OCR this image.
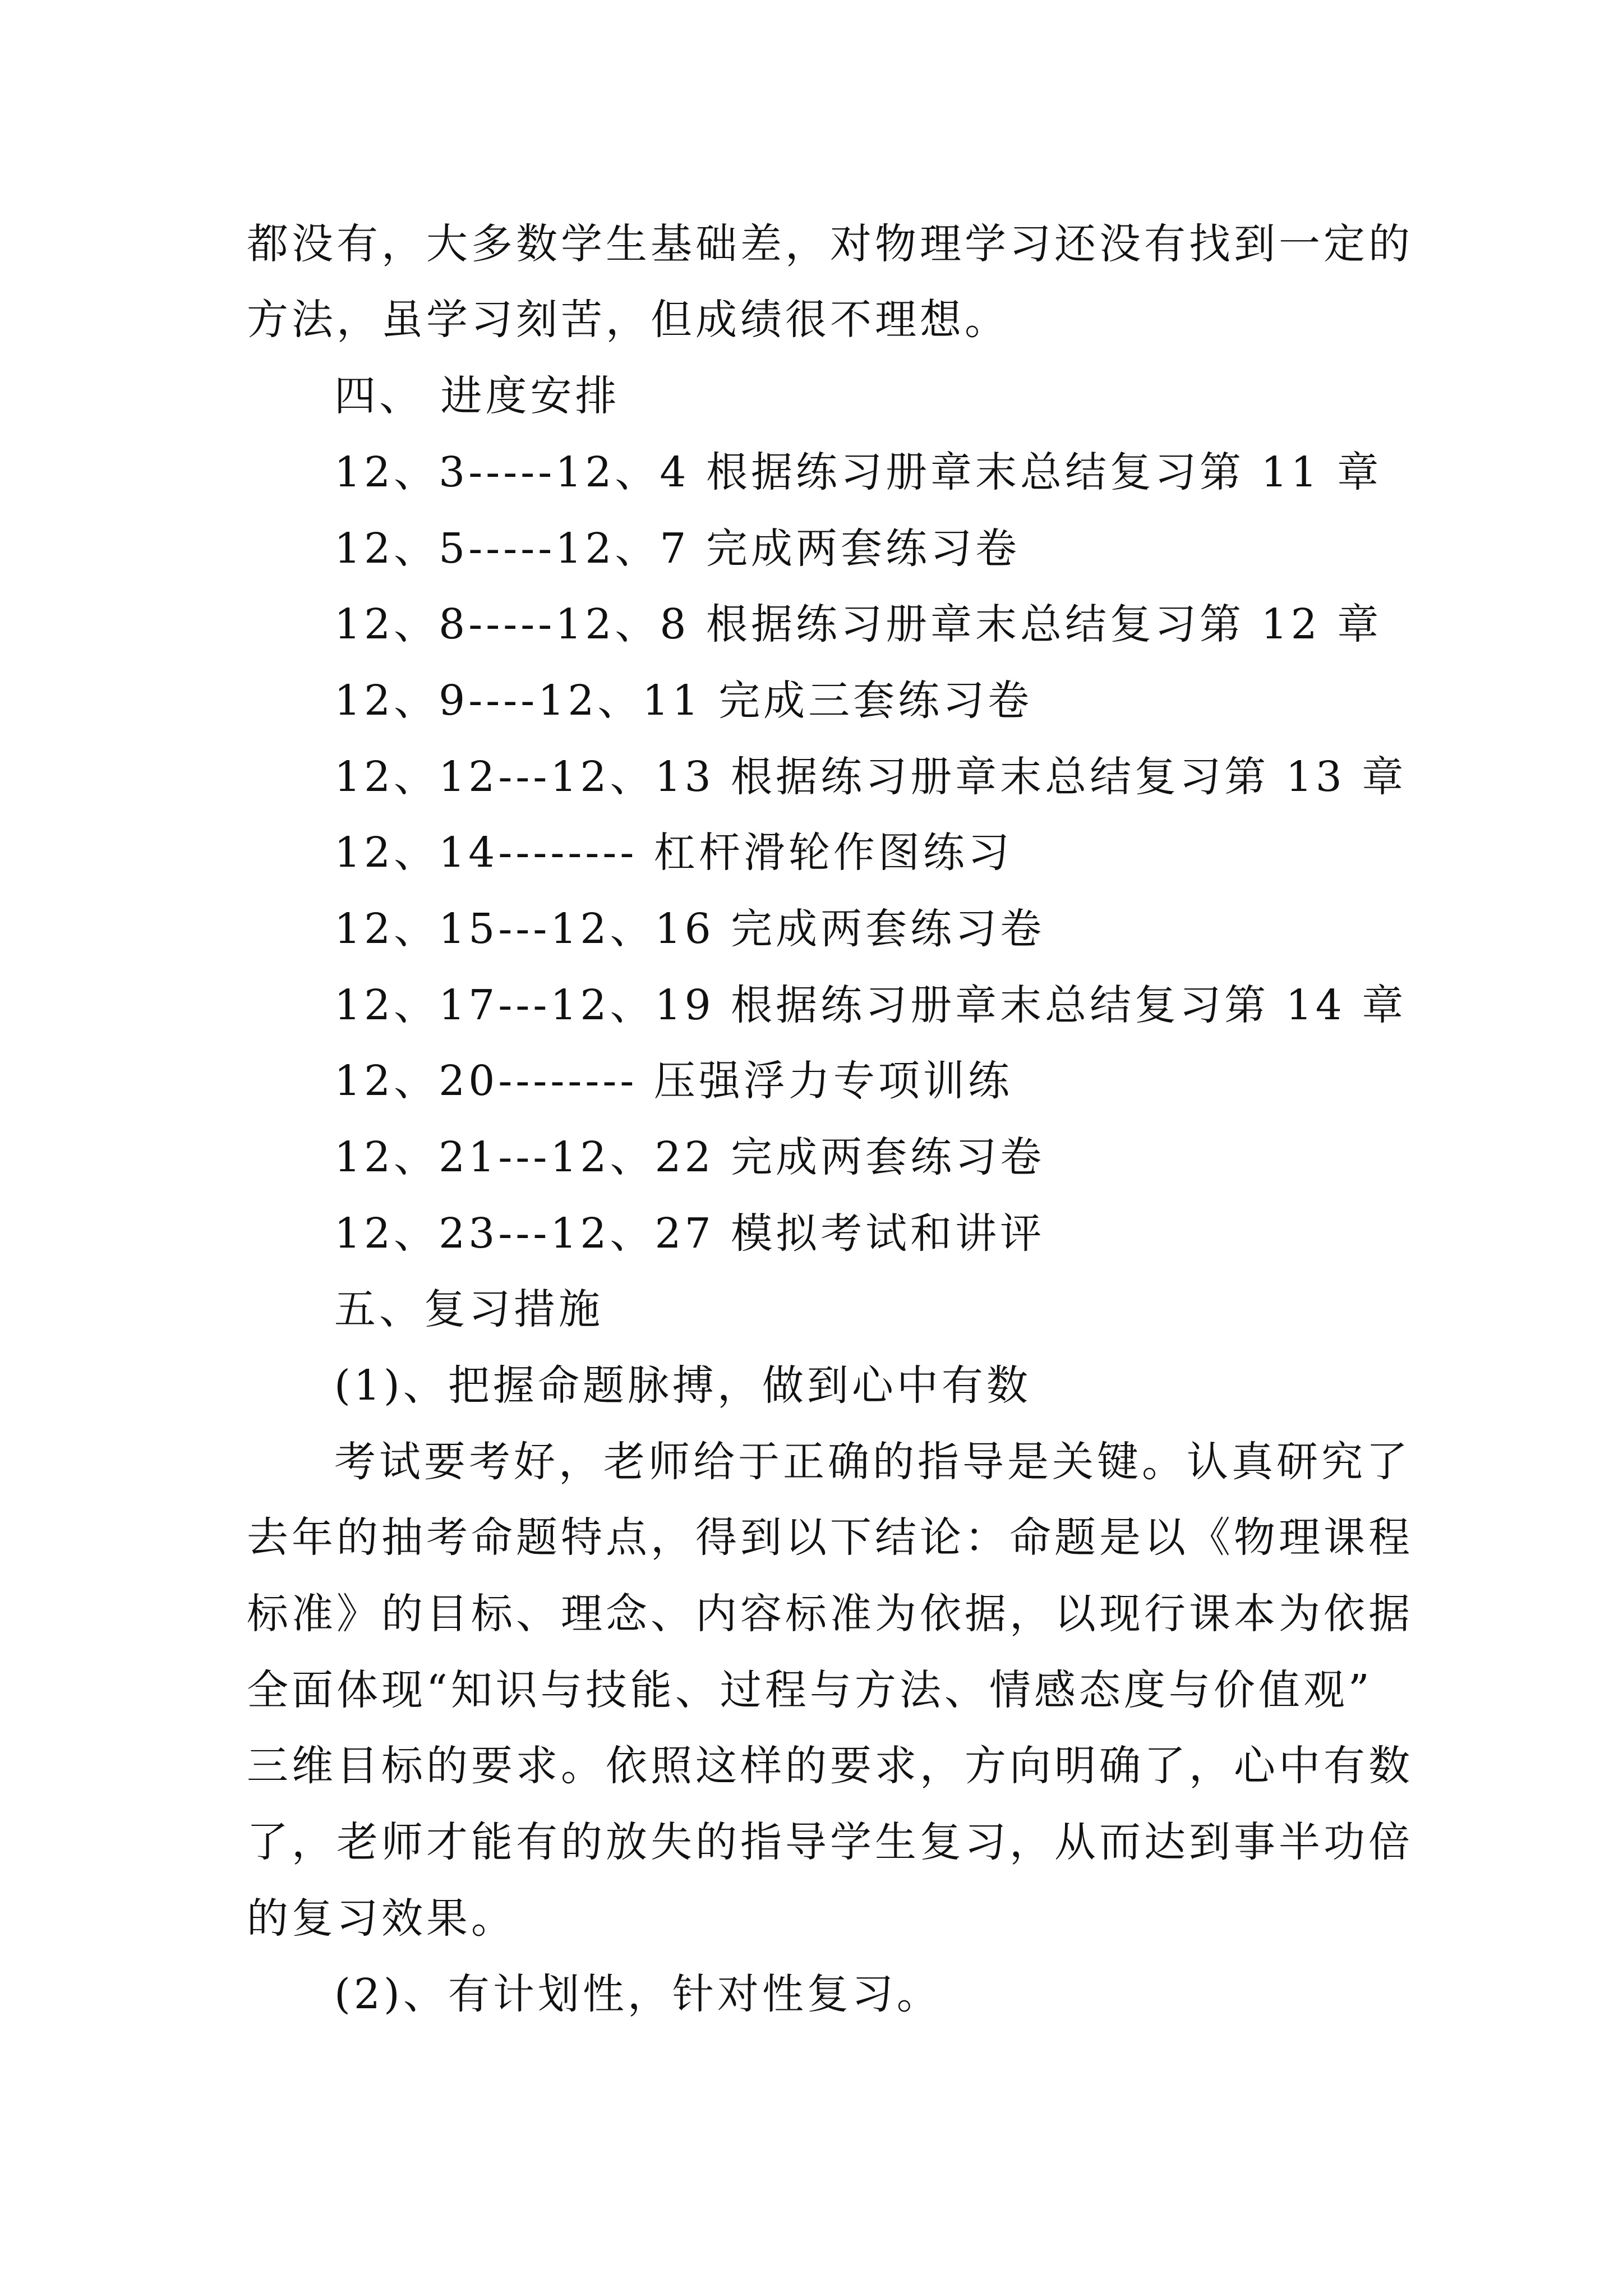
都没有，大多数学生基础差，对物理学习还没有找到一定的
方法，虽学习刻苦，但成绩很不理想。
四、 进度安排
12、3-----12、4 根据练习册章末总结复习第 11 章
12、5-----12、7 完成两套练习卷
12、8-----12、8 根据练习册章末总结复习第 12 章
12、9----12、11 完成三套练习卷
12、12---12、13 根据练习册章末总结复习第 13 章
12、14-------- 杠杆滑轮作图练习
12、15---12、16 完成两套练习卷
12、17---12、19 根据练习册章末总结复习第 14 章
12、20-------- 压强浮力专项训练
12、21---12、22 完成两套练习卷
12、23---12、27 模拟考试和讲评
五、复习措施
(1)、把握命题脉搏，做到心中有数
考试要考好，老师给于正确的指导是关键。认真研究了
去年的抽考命题特点，得到以下结论：命题是以《物理课程
标准》的目标、理念、内容标准为依据，以现行课本为依据
全面体现“知识与技能、过程与方法、情感态度与价值观”
三维目标的要求。依照这样的要求，方向明确了，心中有数
了，老师才能有的放失的指导学生复习，从而达到事半功倍
的复习效果。
(2)、有计划性，针对性复习。
